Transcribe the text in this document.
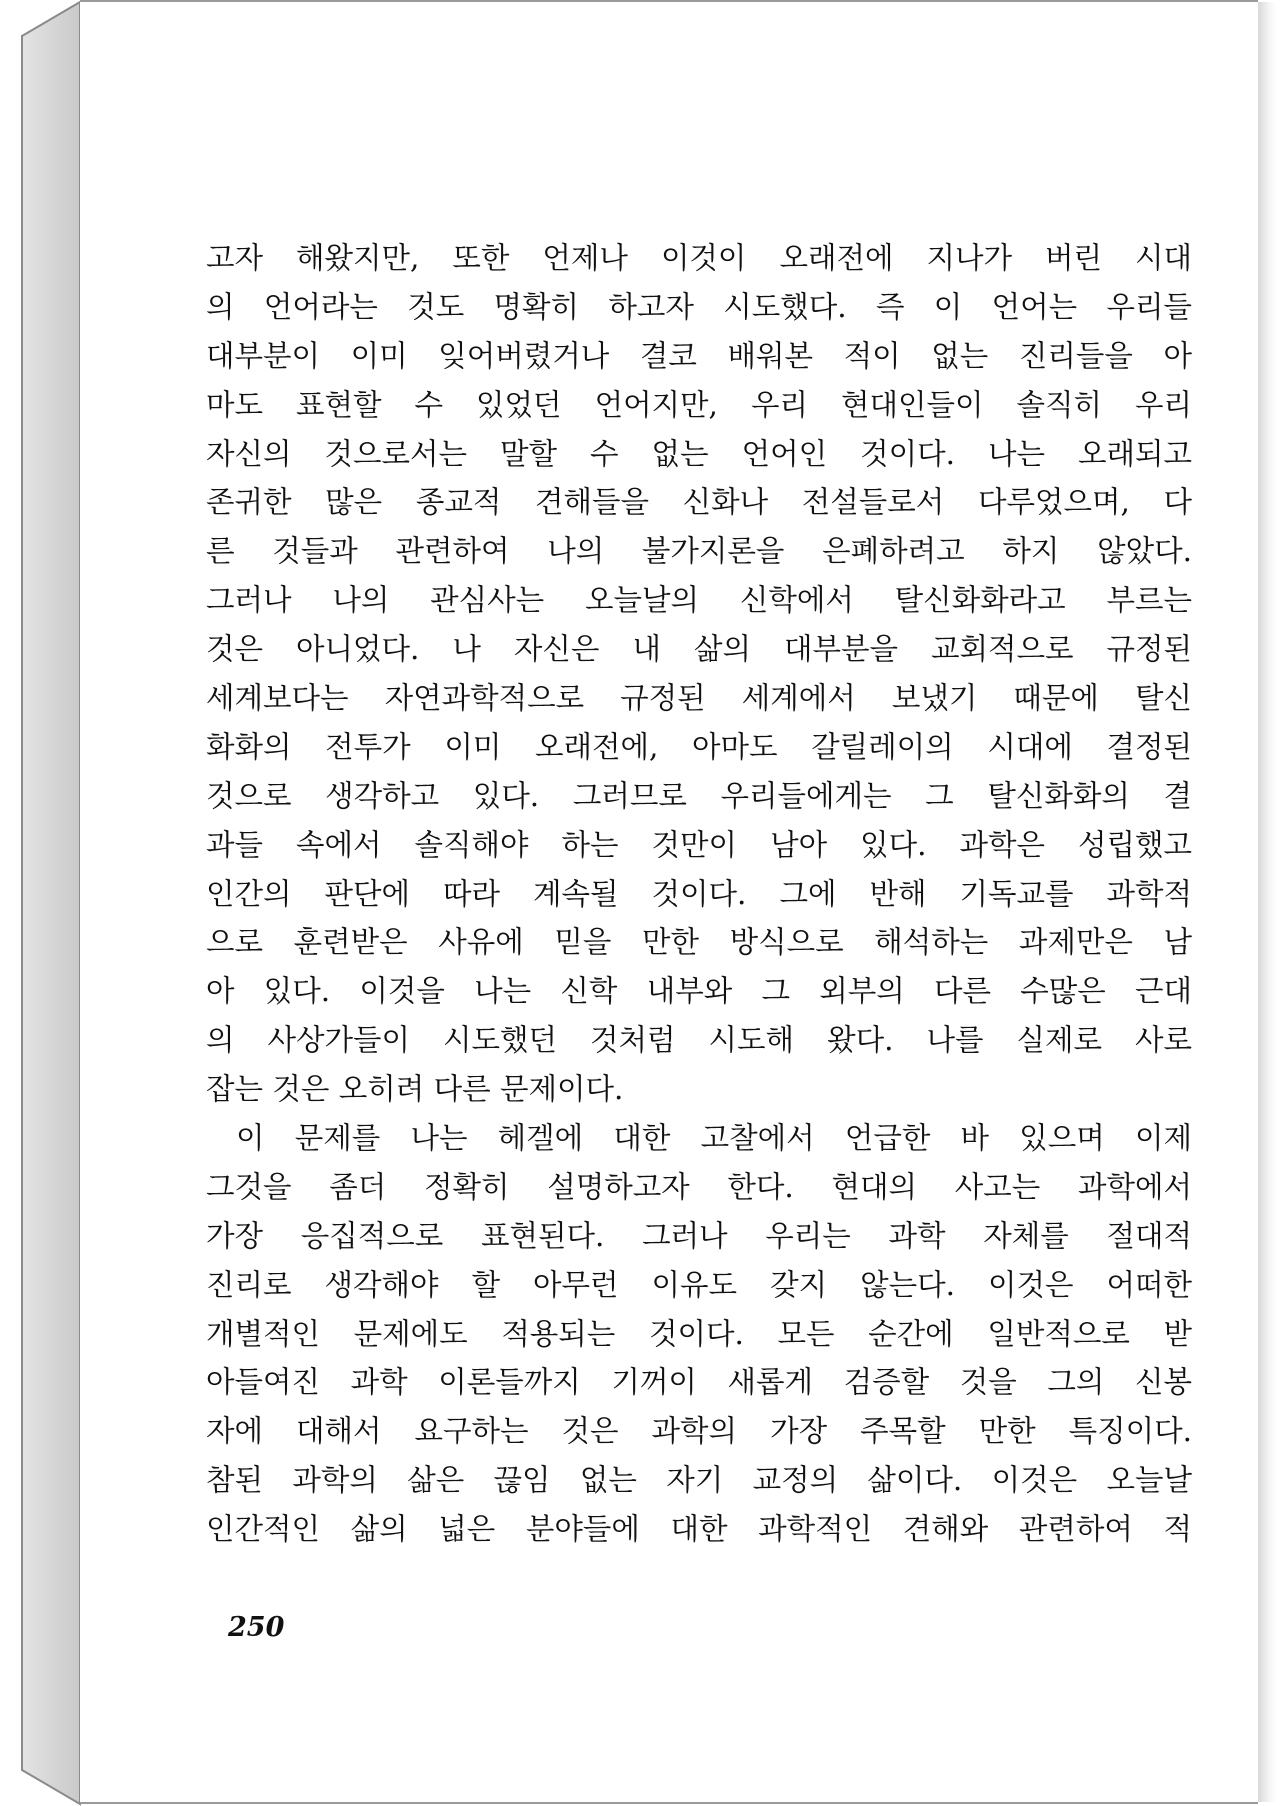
고자 해왔지만, 또한 언제나 이것이 오래전에 지나가 버린 시대
의 언어라는 것도 명확히 하고자 시도했다. 즉 이 언어는 우리들
대부분이 이미 잊어버렸거나 결코 배워본 적이 없는 진리들을 아
마도 표현할 수 있었던 언어지만, 우리 현대인들이 솔직히 우리
자신의 것으로서는 말할 수 없는 언어인 것이다. 나는 오래되고
존귀한 많은 종교적 견해들을 신화나 전설들로서 다루었으며, 다
른 것들과 관련하여 나의 불가지론을 은폐하려고 하지 않았다.
그러나 나의 관심사는 오늘날의 신학에서 탈신화화라고 부르는
것은 아니었다. 나 자신은 내 삶의 대부분을 교회적으로 규정된
세계보다는 자연과학적으로 규정된 세계에서 보냈기 때문에 탈신
화화의 전투가 이미 오래전에, 아마도 갈릴레이의 시대에 결정된
것으로 생각하고 있다. 그러므로 우리들에게는 그 탈신화화의 결
과들 속에서 솔직해야 하는 것만이 남아 있다. 과학은 성립했고
인간의 판단에 따라 계속될 것이다. 그에 반해 기독교를 과학적
으로 훈련받은 사유에 믿을 만한 방식으로 해석하는 과제만은 남
아 있다. 이것을 나는 신학 내부와 그 외부의 다른 수많은 근대
의 사상가들이 시도했던 것처럼 시도해 왔다. 나를 실제로 사로
잡는 것은 오히려 다른 문제이다.
이 문제를 나는 헤겔에 대한 고찰에서 언급한 바 있으며 이제
그것을 좀더 정확히 설명하고자 한다. 현대의 사고는 과학에서
가장 응집적으로 표현된다. 그러나 우리는 과학 자체를 절대적
진리로 생각해야 할 아무런 이유도 갖지 않는다. 이것은 어떠한
개별적인 문제에도 적용되는 것이다. 모든 순간에 일반적으로 받
아들여진 과학 이론들까지 기꺼이 새롭게 검증할 것을 그의 신봉
자에 대해서 요구하는 것은 과학의 가장 주목할 만한 특징이다.
참된 과학의 삶은 끊임 없는 자기 교정의 삶이다. 이것은 오늘날
인간적인 삶의 넓은 분야들에 대한 과학적인 견해와 관련하여 적
250
